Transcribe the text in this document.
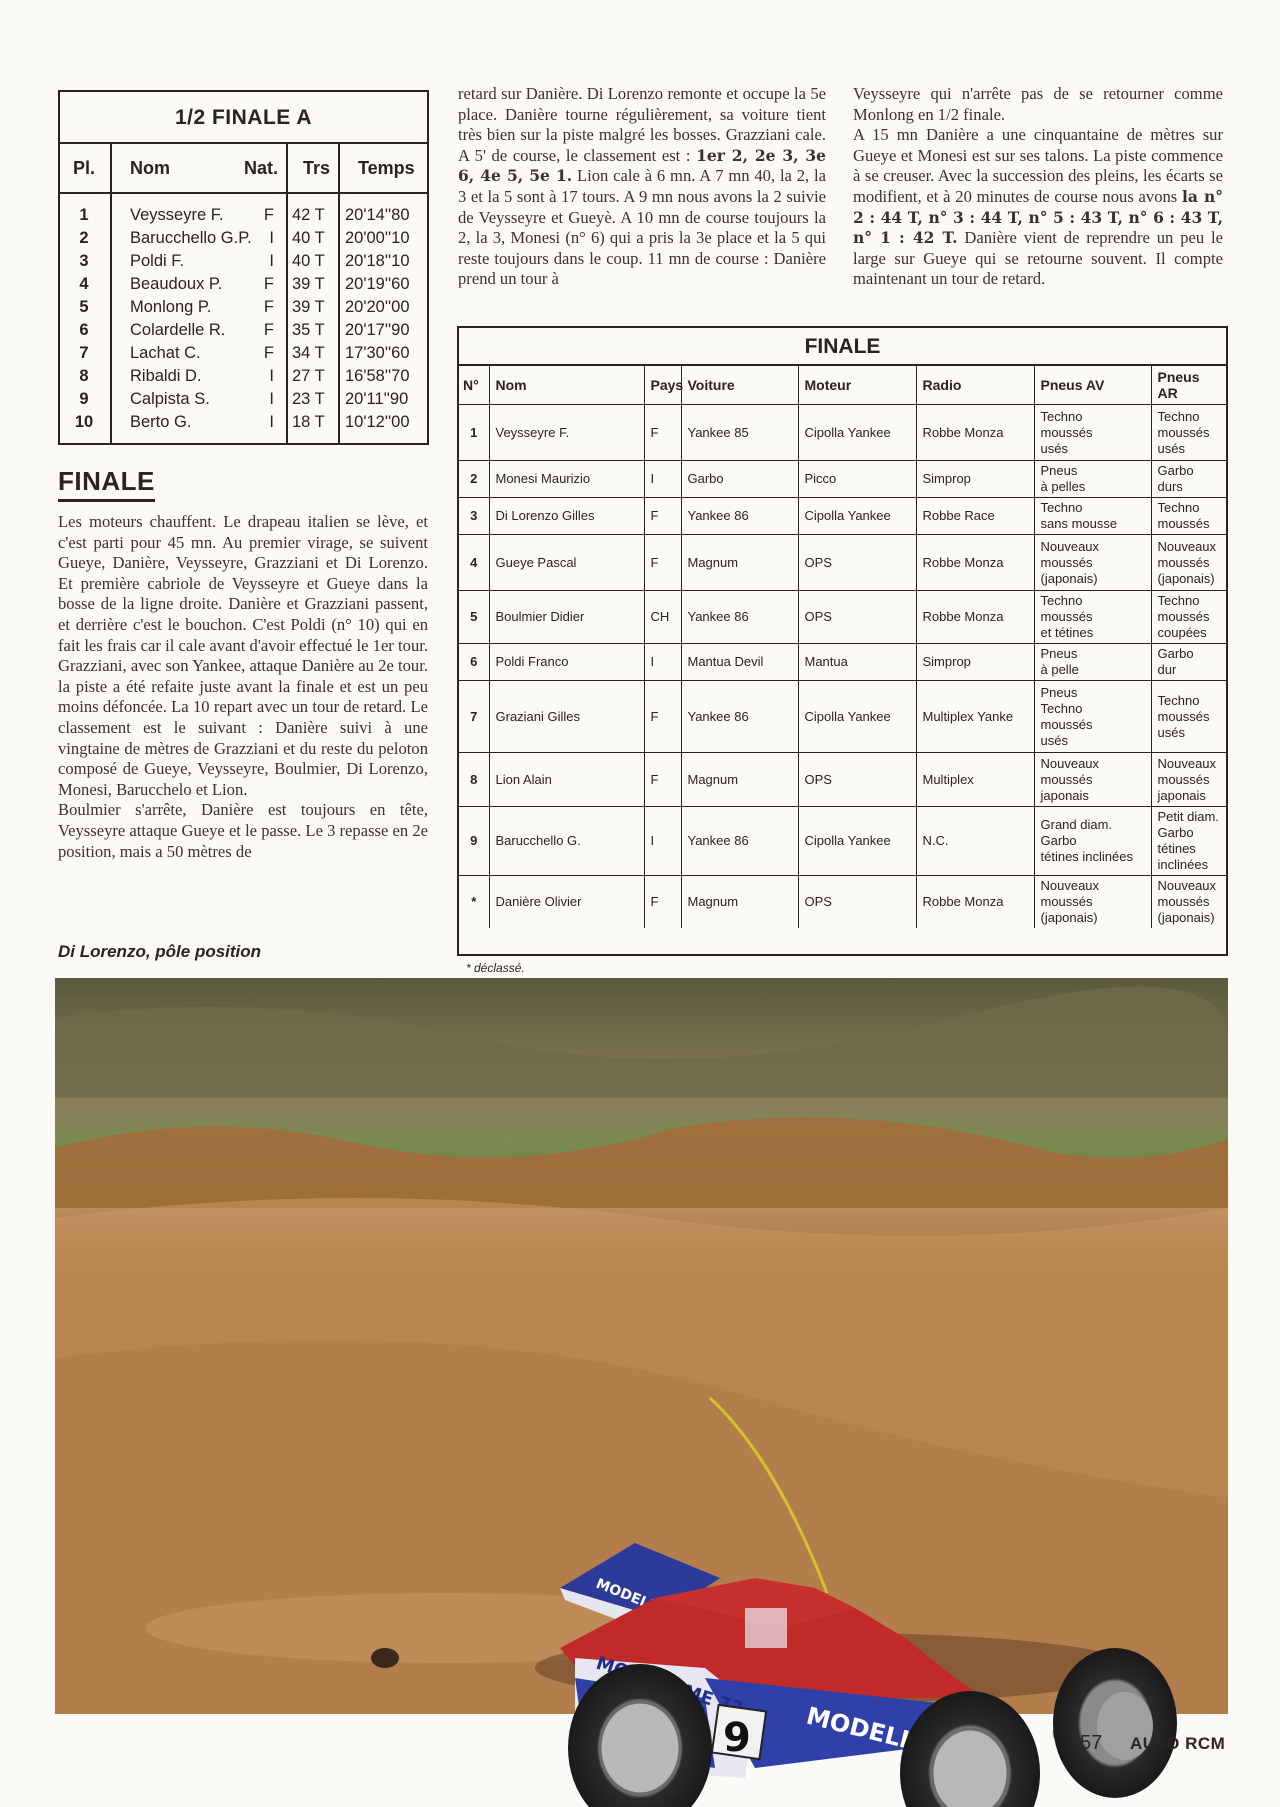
1/2 FINALE A
Pl.	Nom	Nat. Trs Temps
1	Veysseyre F.	F 42 T 20'14''80
2	Barucchello G.P.	I 40 T 20'00''10
3	Poldi F.	I 40 T 20'18''10
4	Beaudoux P.	F 39 T 20'19''60
5	Monlong P.	F 39 T 20'20''00
6	Colardelle R.	F 35 T 20'17''90
7	Lachat C.	F 34 T 17'30''60
8	Ribaldi D.	I 27 T 16'58''70
9	Calpista S.	I 23 T 20'11''90
10	Berto G.	I 18 T 10'12''00
FINALE

Les moteurs chauffent. Le drapeau italien se lève, et c'est parti pour 45 mn. Au premier virage, se suivent Gueye, Danière, Veysseyre, Grazziani et Di Lorenzo. Et première cabriole de Veysseyre et Gueye dans la bosse de la ligne droite. Danière et Grazziani passent, et derrière c'est le bouchon. C'est Poldi (n° 10) qui en fait les frais car il cale avant d'avoir effectué le 1er tour. Grazziani, avec son Yankee, attaque Danière au 2e tour. la piste a été refaite juste avant la finale et est un peu moins défoncée. La 10 repart avec un tour de retard. Le classement est le suivant : Danière suivi à une vingtaine de mètres de Grazziani et du reste du peloton composé de Gueye, Veysseyre, Boulmier, Di Lorenzo, Monesi, Barucchelo et Lion.

Boulmier s'arrête, Danière est toujours en tête, Veysseyre attaque Gueye et le passe. Le 3 repasse en 2e position, mais a 50 mètres de

Di Lorenzo, pôle position

retard sur Danière. Di Lorenzo remonte et occupe la 5e place. Danière tourne régulièrement, sa voiture tient très bien sur la piste malgré les bosses. Grazziani cale. A 5' de course, le classement est : 1er 2, 2e 3, 3e 6, 4e 5, 5e 1. Lion cale à 6 mn. A 7 mn 40, la 2, la 3 et la 5 sont à 17 tours. A 9 mn nous avons la 2 suivie de Veysseyre et Gueyè. A 10 mn de course toujours la 2, la 3, Monesi (n° 6) qui a pris la 3e place et la 5 qui reste toujours dans le coup. 11 mn de course : Danière prend un tour à

Veysseyre qui n'arrête pas de se retourner comme Monlong en 1/2 finale.

A 15 mn Danière a une cinquantaine de mètres sur Gueye et Monesi est sur ses talons. La piste commence à se creuser. Avec la succession des pleins, les écarts se modifient, et à 20 minutes de course nous avons la n° 2 : 44 T, n° 3 : 44 T, n° 5 : 43 T, n° 6 : 43 T, n° 1 : 42 T. Danière vient de reprendre un peu le large sur Gueye qui se retourne souvent. Il compte maintenant un tour de retard.

FINALE
N°	Nom	Pays	Voiture	Moteur	Radio	Pneus AV	Pneus AR
1	Veysseyre F.	F	Yankee 85	Cipolla Yankee	Robbe Monza	Techno
moussés
usés	Techno
moussés
usés
2	Monesi Maurizio	I	Garbo	Picco	Simprop	Pneus
à pelles	Garbo
durs
3	Di Lorenzo Gilles	F	Yankee 86	Cipolla Yankee	Robbe Race	Techno
sans mousse	Techno
moussés
4	Gueye Pascal	F	Magnum	OPS	Robbe Monza	Nouveaux
moussés
(japonais)	Nouveaux
moussés
(japonais)
5	Boulmier Didier	CH	Yankee 86	OPS	Robbe Monza	Techno
moussés
et tétines	Techno
moussés
coupées
6	Poldi Franco	I	Mantua Devil	Mantua	Simprop	Pneus
à pelle	Garbo
dur
7	Graziani Gilles	F	Yankee 86	Cipolla Yankee	Multiplex Yanke	Pneus
Techno
moussés
usés	Techno
moussés
usés
8	Lion Alain	F	Magnum	OPS	Multiplex	Nouveaux
moussés
japonais	Nouveaux
moussés
japonais
9	Barucchello G.	I	Yankee 86	Cipolla Yankee	N.C.	Grand diam.
Garbo
tétines inclinées	Petit diam.
Garbo
tétines inclinées
*	Danière Olivier	F	Magnum	OPS	Robbe Monza	Nouveaux
moussés
(japonais)	Nouveaux
moussés
(japonais)
* déclassé.
MODELISME
9	57 AUTO RCM
